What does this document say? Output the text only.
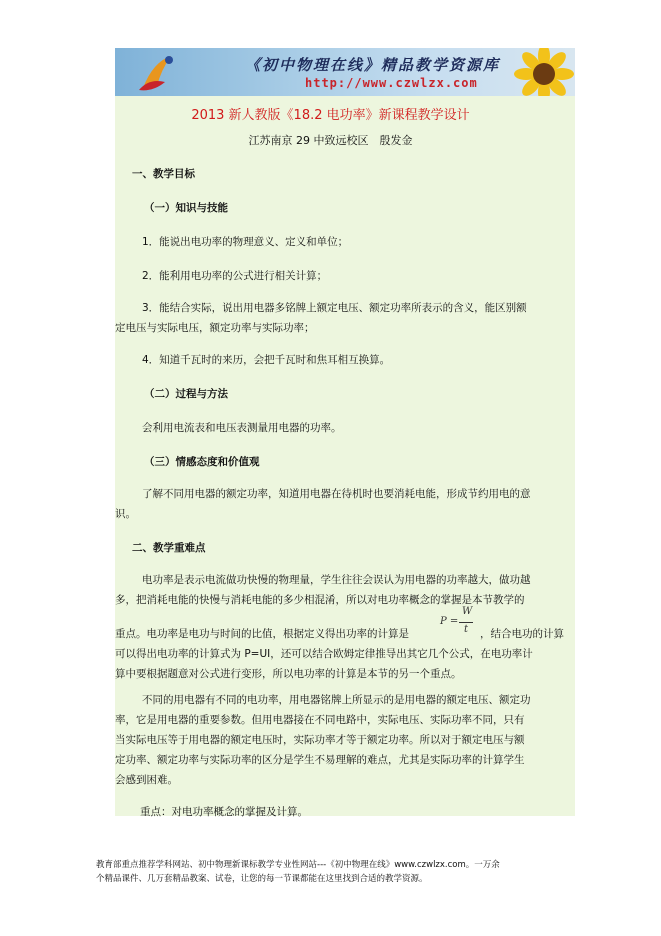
《初中物理在线》精品教学资源库
http://www.czwlzx.com
2013 新人教版《18.2 电功率》新课程教学设计
江苏南京 29 中致远校区　殷发金
一、教学目标
（一）知识与技能
1．能说出电功率的物理意义、定义和单位；
2．能利用电功率的公式进行相关计算；
3．能结合实际，说出用电器多铭牌上额定电压、额定功率所表示的含义，能区别额
定电压与实际电压，额定功率与实际功率；
4．知道千瓦时的来历，会把千瓦时和焦耳相互换算。
（二）过程与方法
会利用电流表和电压表测量用电器的功率。
（三）情感态度和价值观
了解不同用电器的额定功率，知道用电器在待机时也要消耗电能，形成节约用电的意
识。
二、教学重难点
电功率是表示电流做功快慢的物理量，学生往往会误认为用电器的功率越大，做功越
多，把消耗电能的快慢与消耗电能的多少相混淆，所以对电功率概念的掌握是本节教学的
重点。电功率是电功与时间的比值，根据定义得出功率的计算是
P =
W
t ，结合电功的计算
可以得出电功率的计算式为 P=UI，还可以结合欧姆定律推导出其它几个公式，在电功率计
算中要根据题意对公式进行变形，所以电功率的计算是本节的另一个重点。
不同的用电器有不同的电功率，用电器铭牌上所显示的是用电器的额定电压、额定功
率，它是用电器的重要参数。但用电器接在不同电路中，实际电压、实际功率不同，只有
当实际电压等于用电器的额定电压时，实际功率才等于额定功率。所以对于额定电压与额
定功率、额定功率与实际功率的区分是学生不易理解的难点，尤其是实际功率的计算学生
会感到困难。
重点：对电功率概念的掌握及计算。
教育部重点推荐学科网站、初中物理新课标教学专业性网站---《初中物理在线》www.czwlzx.com。一万余
个精品课件、几万套精品教案、试卷，让您的每一节课都能在这里找到合适的教学资源。
